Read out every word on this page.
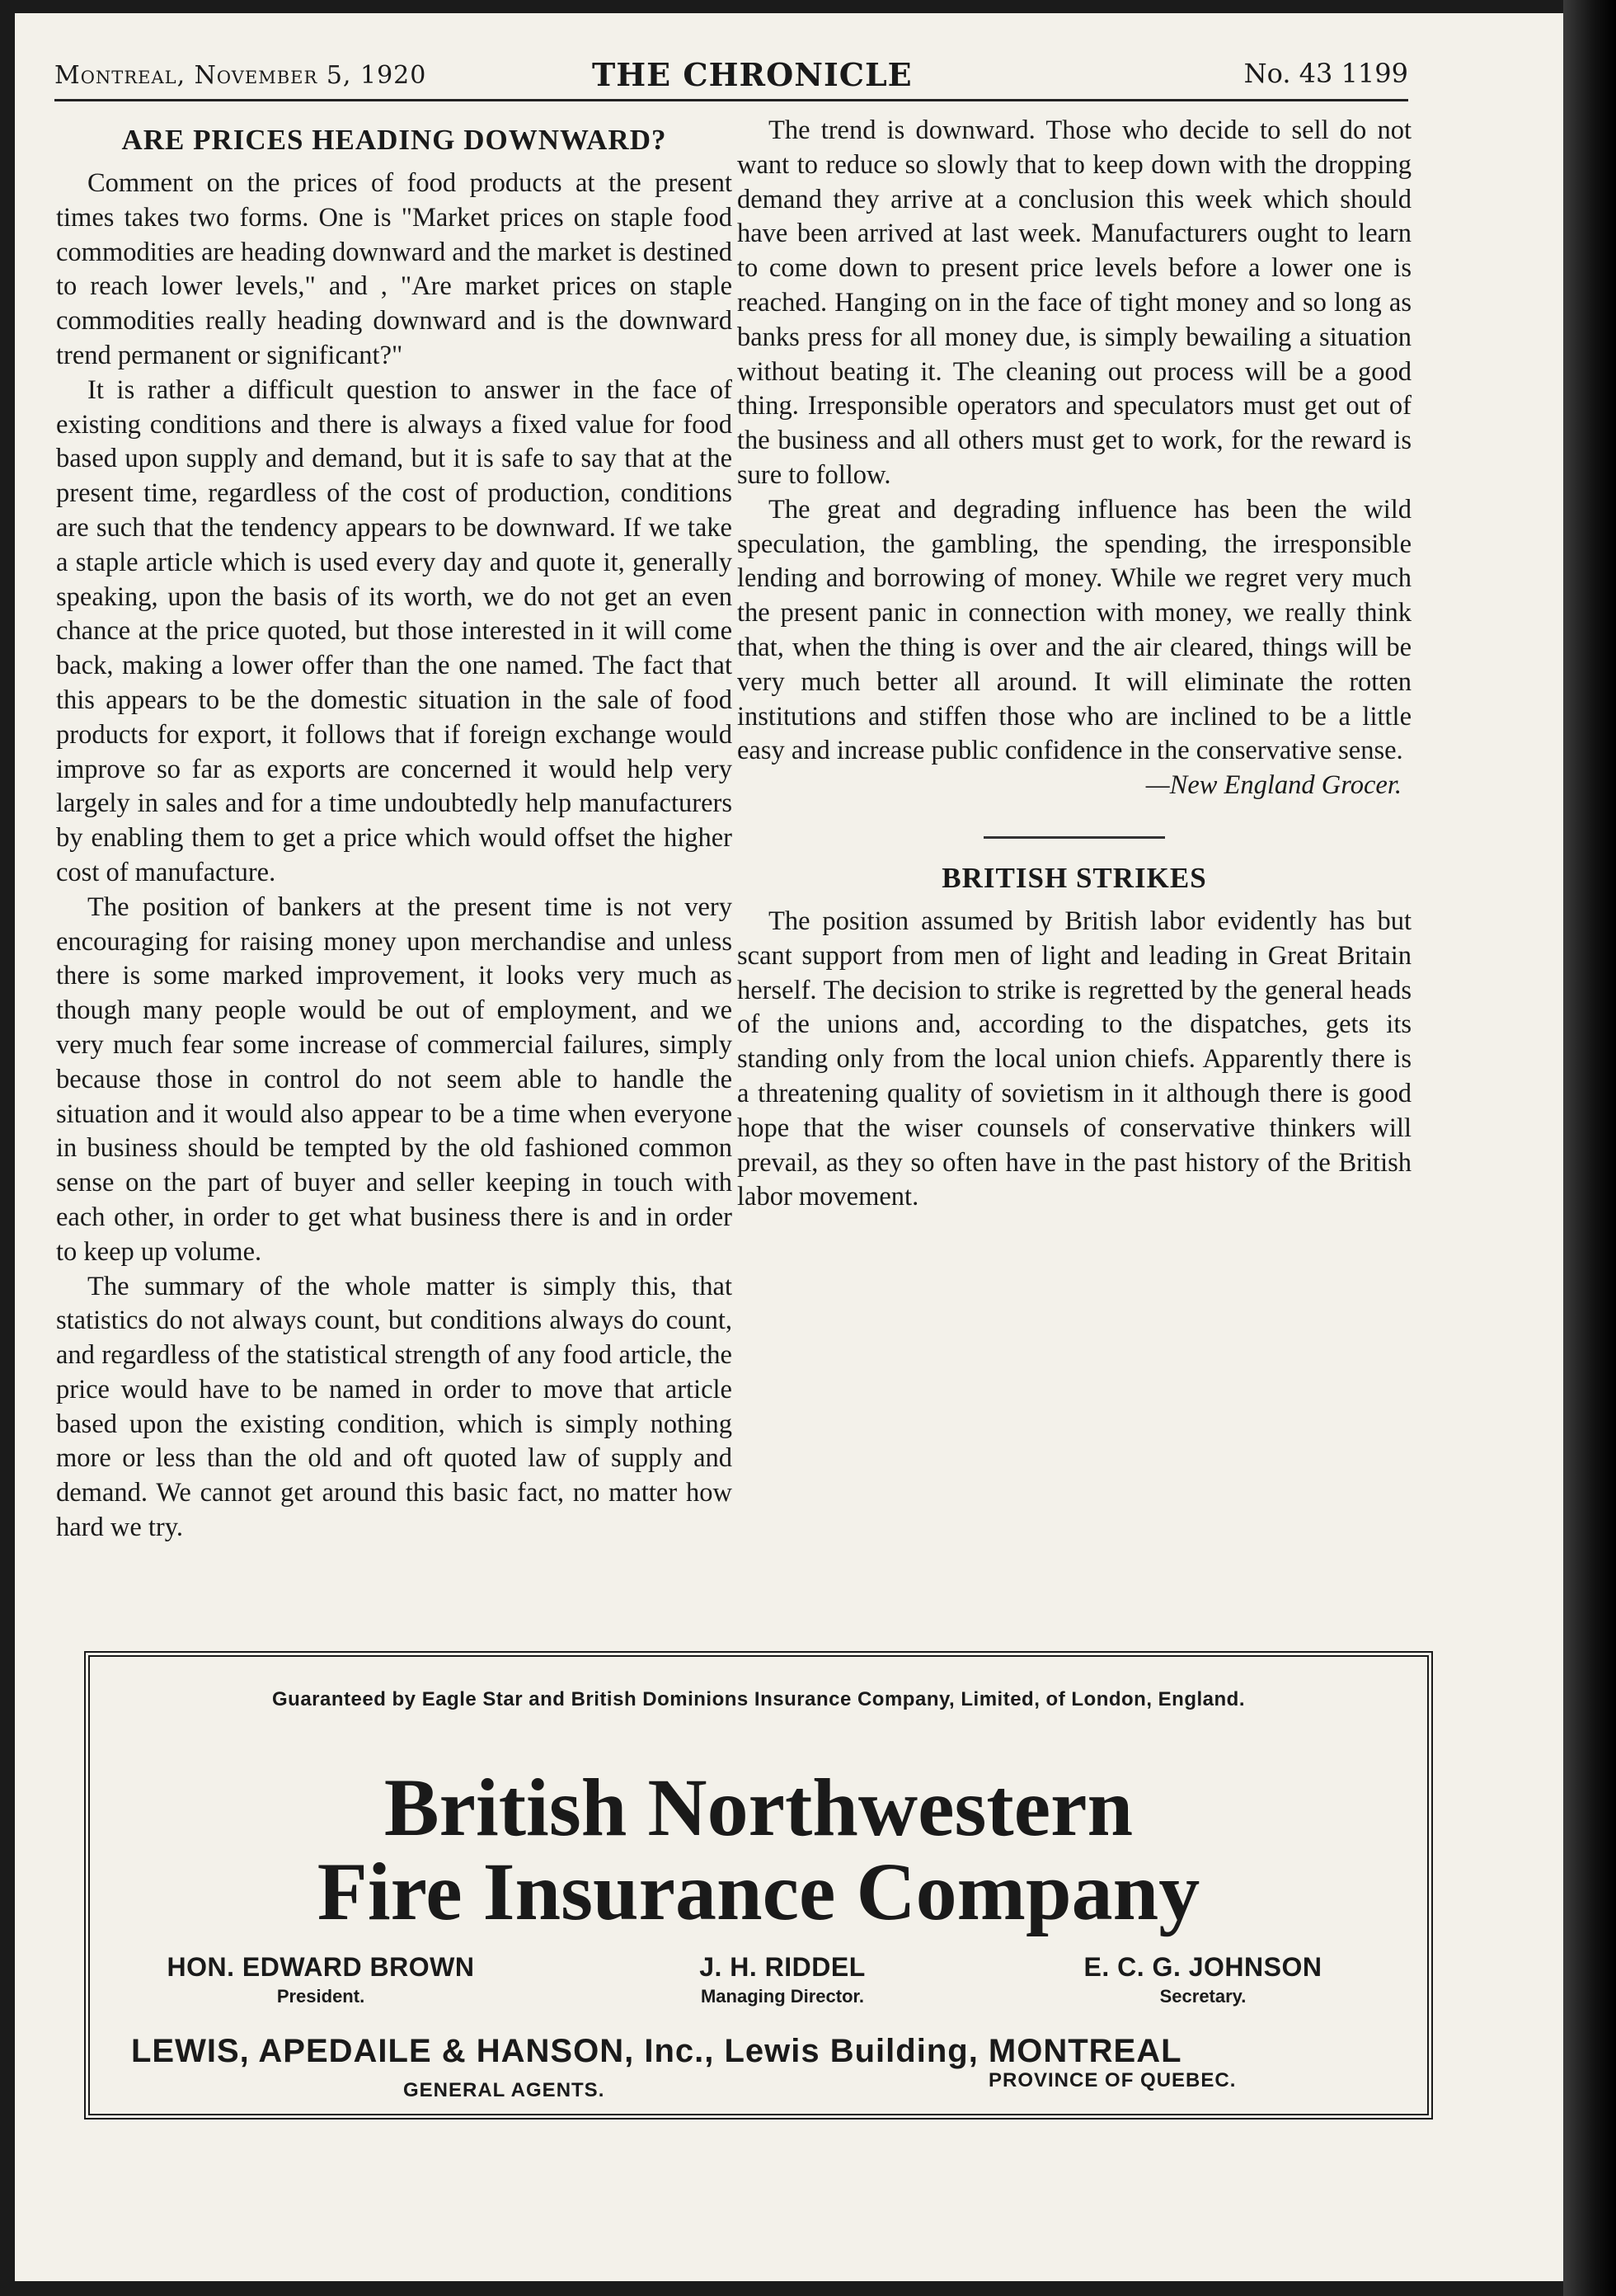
Montreal, November 5, 1920	THE CHRONICLE	No. 43 1199
ARE PRICES HEADING DOWNWARD?

Comment on the prices of food products at the present times takes two forms. One is "Market prices on staple food commodities are heading downward and the market is destined to reach lower levels," and , "Are market prices on staple commodities really heading downward and is the downward trend permanent or significant?"

It is rather a difficult question to answer in the face of existing conditions and there is always a fixed value for food based upon supply and demand, but it is safe to say that at the present time, regardless of the cost of production, conditions are such that the tendency appears to be downward. If we take a staple article which is used every day and quote it, generally speaking, upon the basis of its worth, we do not get an even chance at the price quoted, but those interested in it will come back, making a lower offer than the one named. The fact that this appears to be the domestic situation in the sale of food products for export, it follows that if foreign exchange would improve so far as exports are concerned it would help very largely in sales and for a time undoubtedly help manufacturers by enabling them to get a price which would offset the higher cost of manufacture.

The position of bankers at the present time is not very encouraging for raising money upon merchandise and unless there is some marked improvement, it looks very much as though many people would be out of employment, and we very much fear some increase of commercial failures, simply because those in control do not seem able to handle the situation and it would also appear to be a time when everyone in business should be tempted by the old fashioned common sense on the part of buyer and seller keeping in touch with each other, in order to get what business there is and in order to keep up volume.

The summary of the whole matter is simply this, that statistics do not always count, but conditions always do count, and regardless of the statistical strength of any food article, the price would have to be named in order to move that article based upon the existing condition, which is simply nothing more or less than the old and oft quoted law of supply and demand. We cannot get around this basic fact, no matter how hard we try.

The trend is downward. Those who decide to sell do not want to reduce so slowly that to keep down with the dropping demand they arrive at a conclusion this week which should have been arrived at last week. Manufacturers ought to learn to come down to present price levels before a lower one is reached. Hanging on in the face of tight money and so long as banks press for all money due, is simply bewailing a situation without beating it. The cleaning out process will be a good thing. Irresponsible operators and speculators must get out of the business and all others must get to work, for the reward is sure to follow.

The great and degrading influence has been the wild speculation, the gambling, the spending, the irresponsible lending and borrowing of money. While we regret very much the present panic in connection with money, we really think that, when the thing is over and the air cleared, things will be very much better all around. It will eliminate the rotten institutions and stiffen those who are inclined to be a little easy and increase public confidence in the conservative sense.

—New England Grocer.
BRITISH STRIKES

The position assumed by British labor evidently has but scant support from men of light and leading in Great Britain herself. The decision to strike is regretted by the general heads of the unions and, according to the dispatches, gets its standing only from the local union chiefs. Apparently there is a threatening quality of sovietism in it although there is good hope that the wiser counsels of conservative thinkers will prevail, as they so often have in the past history of the British labor movement.

Guaranteed by Eagle Star and British Dominions Insurance Company, Limited, of London, England.
British Northwestern
Fire Insurance Company
HON. EDWARD BROWN
President.
J. H. RIDDEL
Managing Director.
E. C. G. JOHNSON
Secretary.
LEWIS, APEDAILE & HANSON, Inc., Lewis Building, MONTREAL
GENERAL AGENTS.	PROVINCE OF QUEBEC.
